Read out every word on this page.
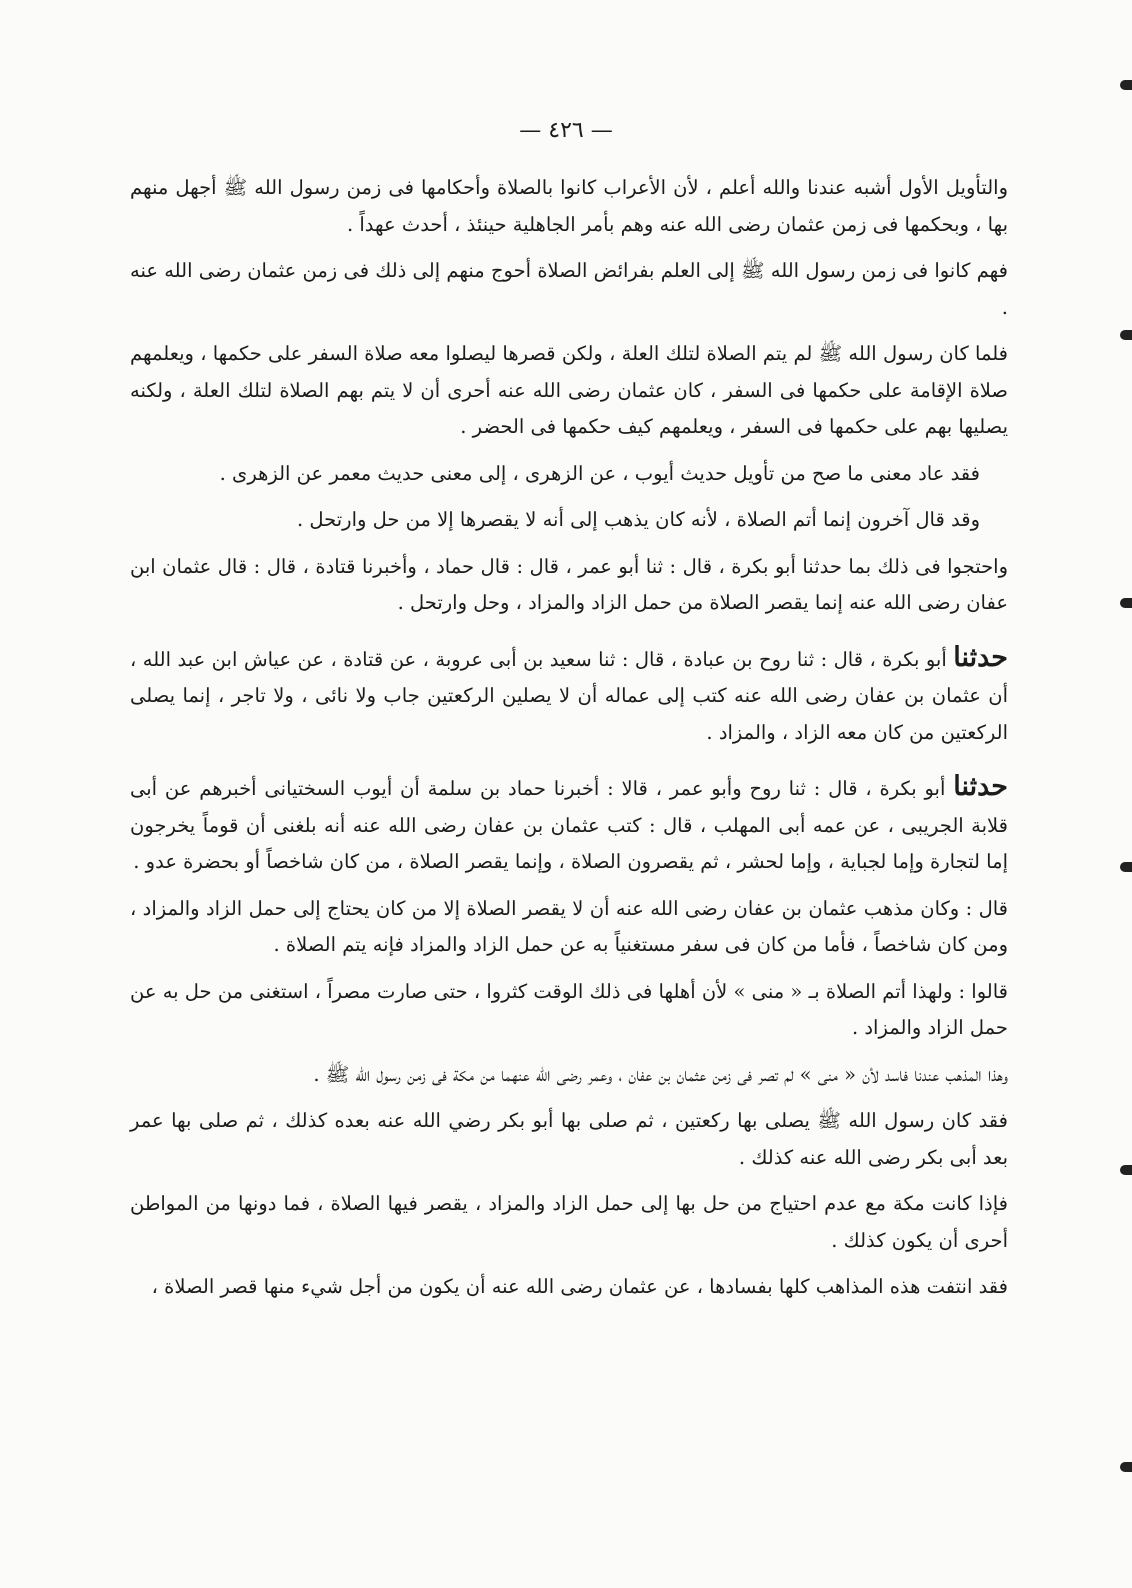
— ٤٢٦ —

والتأويل الأول أشبه عندنا والله أعلم ، لأن الأعراب كانوا بالصلاة وأحكامها فى زمن رسول الله ﷺ أجهل منهم بها ، وبحكمها فى زمن عثمان رضى الله عنه وهم بأمر الجاهلية حينئذ ، أحدث عهداً .

فهم كانوا فى زمن رسول الله ﷺ إلى العلم بفرائض الصلاة أحوج منهم إلى ذلك فى زمن عثمان رضى الله عنه .

فلما كان رسول الله ﷺ لم يتم الصلاة لتلك العلة ، ولكن قصرها ليصلوا معه صلاة السفر على حكمها ، ويعلمهم صلاة الإقامة على حكمها فى السفر ، كان عثمان رضى الله عنه أحرى أن لا يتم بهم الصلاة لتلك العلة ، ولكنه يصليها بهم على حكمها فى السفر ، ويعلمهم كيف حكمها فى الحضر .

فقد عاد معنى ما صح من تأويل حديث أيوب ، عن الزهرى ، إلى معنى حديث معمر عن الزهرى .

وقد قال آخرون إنما أتم الصلاة ، لأنه كان يذهب إلى أنه لا يقصرها إلا من حل وارتحل .

واحتجوا فى ذلك بما حدثنا أبو بكرة ، قال : ثنا أبو عمر ، قال : قال حماد ، وأخبرنا قتادة ، قال : قال عثمان ابن عفان رضى الله عنه إنما يقصر الصلاة من حمل الزاد والمزاد ، وحل وارتحل .

حدثنا أبو بكرة ، قال : ثنا روح بن عبادة ، قال : ثنا سعيد بن أبى عروبة ، عن قتادة ، عن عياش ابن عبد الله ، أن عثمان بن عفان رضى الله عنه كتب إلى عماله أن لا يصلين الركعتين جاب ولا نائى ، ولا تاجر ، إنما يصلى الركعتين من كان معه الزاد ، والمزاد .

حدثنا أبو بكرة ، قال : ثنا روح وأبو عمر ، قالا : أخبرنا حماد بن سلمة أن أيوب السختيانى أخبرهم عن أبى قلابة الجريبى ، عن عمه أبى المهلب ، قال : كتب عثمان بن عفان رضى الله عنه أنه بلغنى أن قوماً يخرجون إما لتجارة وإما لجباية ، وإما لحشر ، ثم يقصرون الصلاة ، وإنما يقصر الصلاة ، من كان شاخصاً أو بحضرة عدو .

قال : وكان مذهب عثمان بن عفان رضى الله عنه أن لا يقصر الصلاة إلا من كان يحتاج إلى حمل الزاد والمزاد ، ومن كان شاخصاً ، فأما من كان فى سفر مستغنياً به عن حمل الزاد والمزاد فإنه يتم الصلاة .

قالوا : ولهذا أتم الصلاة بـ « منى » لأن أهلها فى ذلك الوقت كثروا ، حتى صارت مصراً ، استغنى من حل به عن حمل الزاد والمزاد .

وهذا المذهب عندنا فاسد لأن « منى » لم تصر فى زمن عثمان بن عفان ، وعمر رضى الله عنهما من مكة فى زمن رسول الله ﷺ .

فقد كان رسول الله ﷺ يصلى بها ركعتين ، ثم صلى بها أبو بكر رضي الله عنه بعده كذلك ، ثم صلى بها عمر بعد أبى بكر رضى الله عنه كذلك .

فإذا كانت مكة مع عدم احتياج من حل بها إلى حمل الزاد والمزاد ، يقصر فيها الصلاة ، فما دونها من المواطن أحرى أن يكون كذلك .

فقد انتفت هذه المذاهب كلها بفسادها ، عن عثمان رضى الله عنه أن يكون من أجل شيء منها قصر الصلاة ،
